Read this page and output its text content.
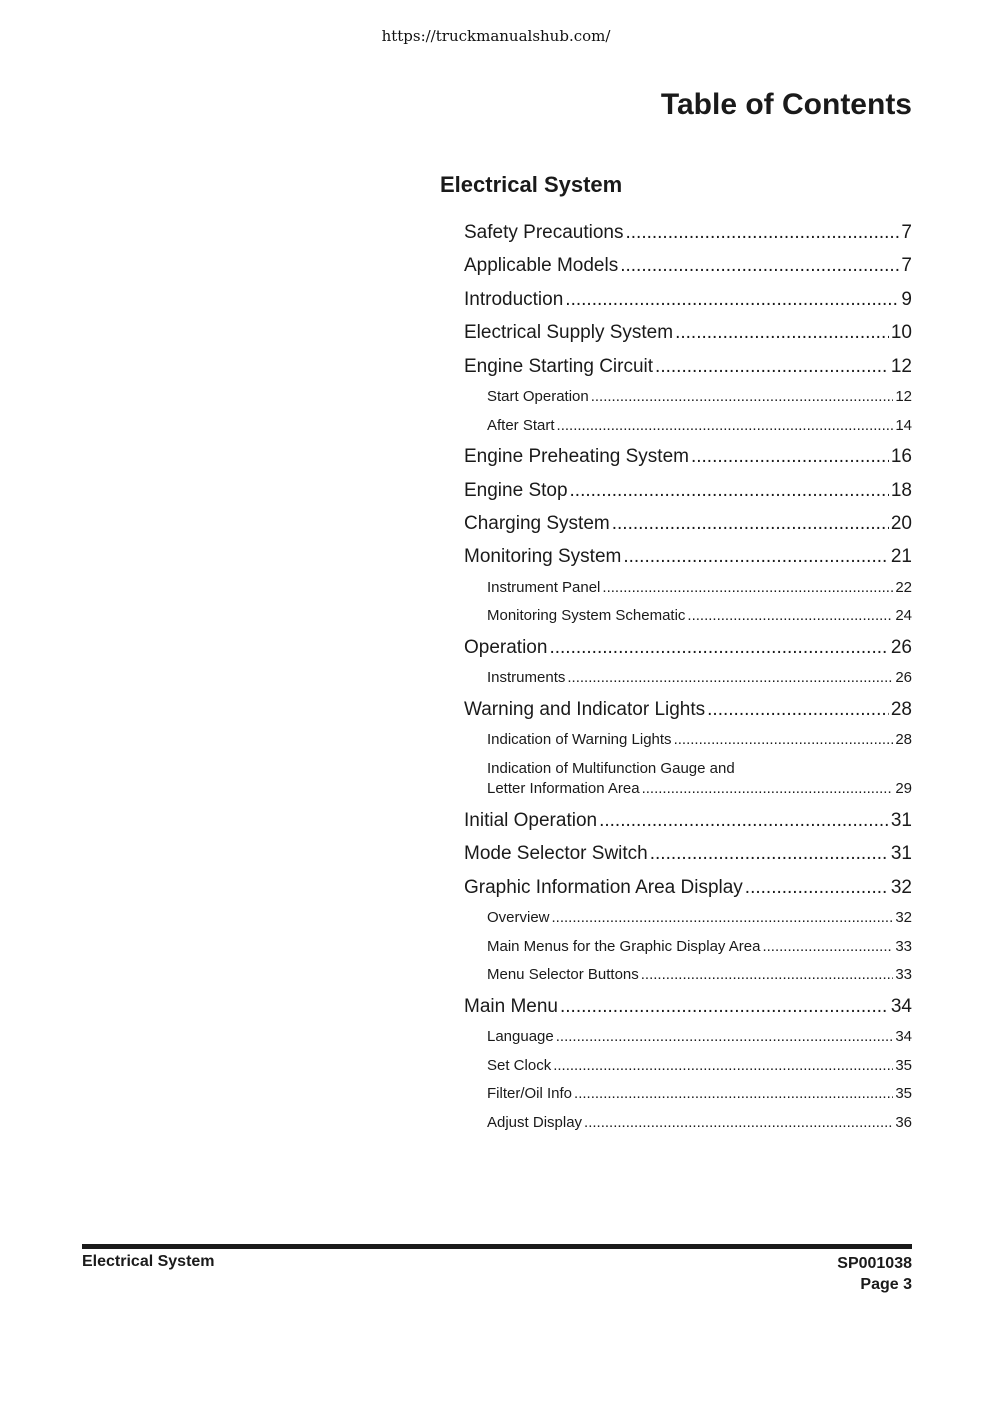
https://truckmanualshub.com/
Table of Contents
Electrical System
Safety Precautions .....	7
Applicable Models .....	7
Introduction .....	9
Electrical Supply System .....	10
Engine Starting Circuit .....	12
Start Operation .....	12
After Start .....	14
Engine Preheating System .....	16
Engine Stop .....	18
Charging System .....	20
Monitoring System .....	21
Instrument Panel .....	22
Monitoring System Schematic .....	24
Operation .....	26
Instruments .....	26
Warning and Indicator Lights .....	28
Indication of Warning Lights .....	28
Indication of Multifunction Gauge and
Letter Information Area .....	29
Initial Operation .....	31
Mode Selector Switch .....	31
Graphic Information Area Display .....	32
Overview .....	32
Main Menus for the Graphic Display Area .....	33
Menu Selector Buttons .....	33
Main Menu .....	34
Language .....	34
Set Clock .....	35
Filter/Oil Info .....	35
Adjust Display .....	36
Electrical System	SP001038
Page 3
